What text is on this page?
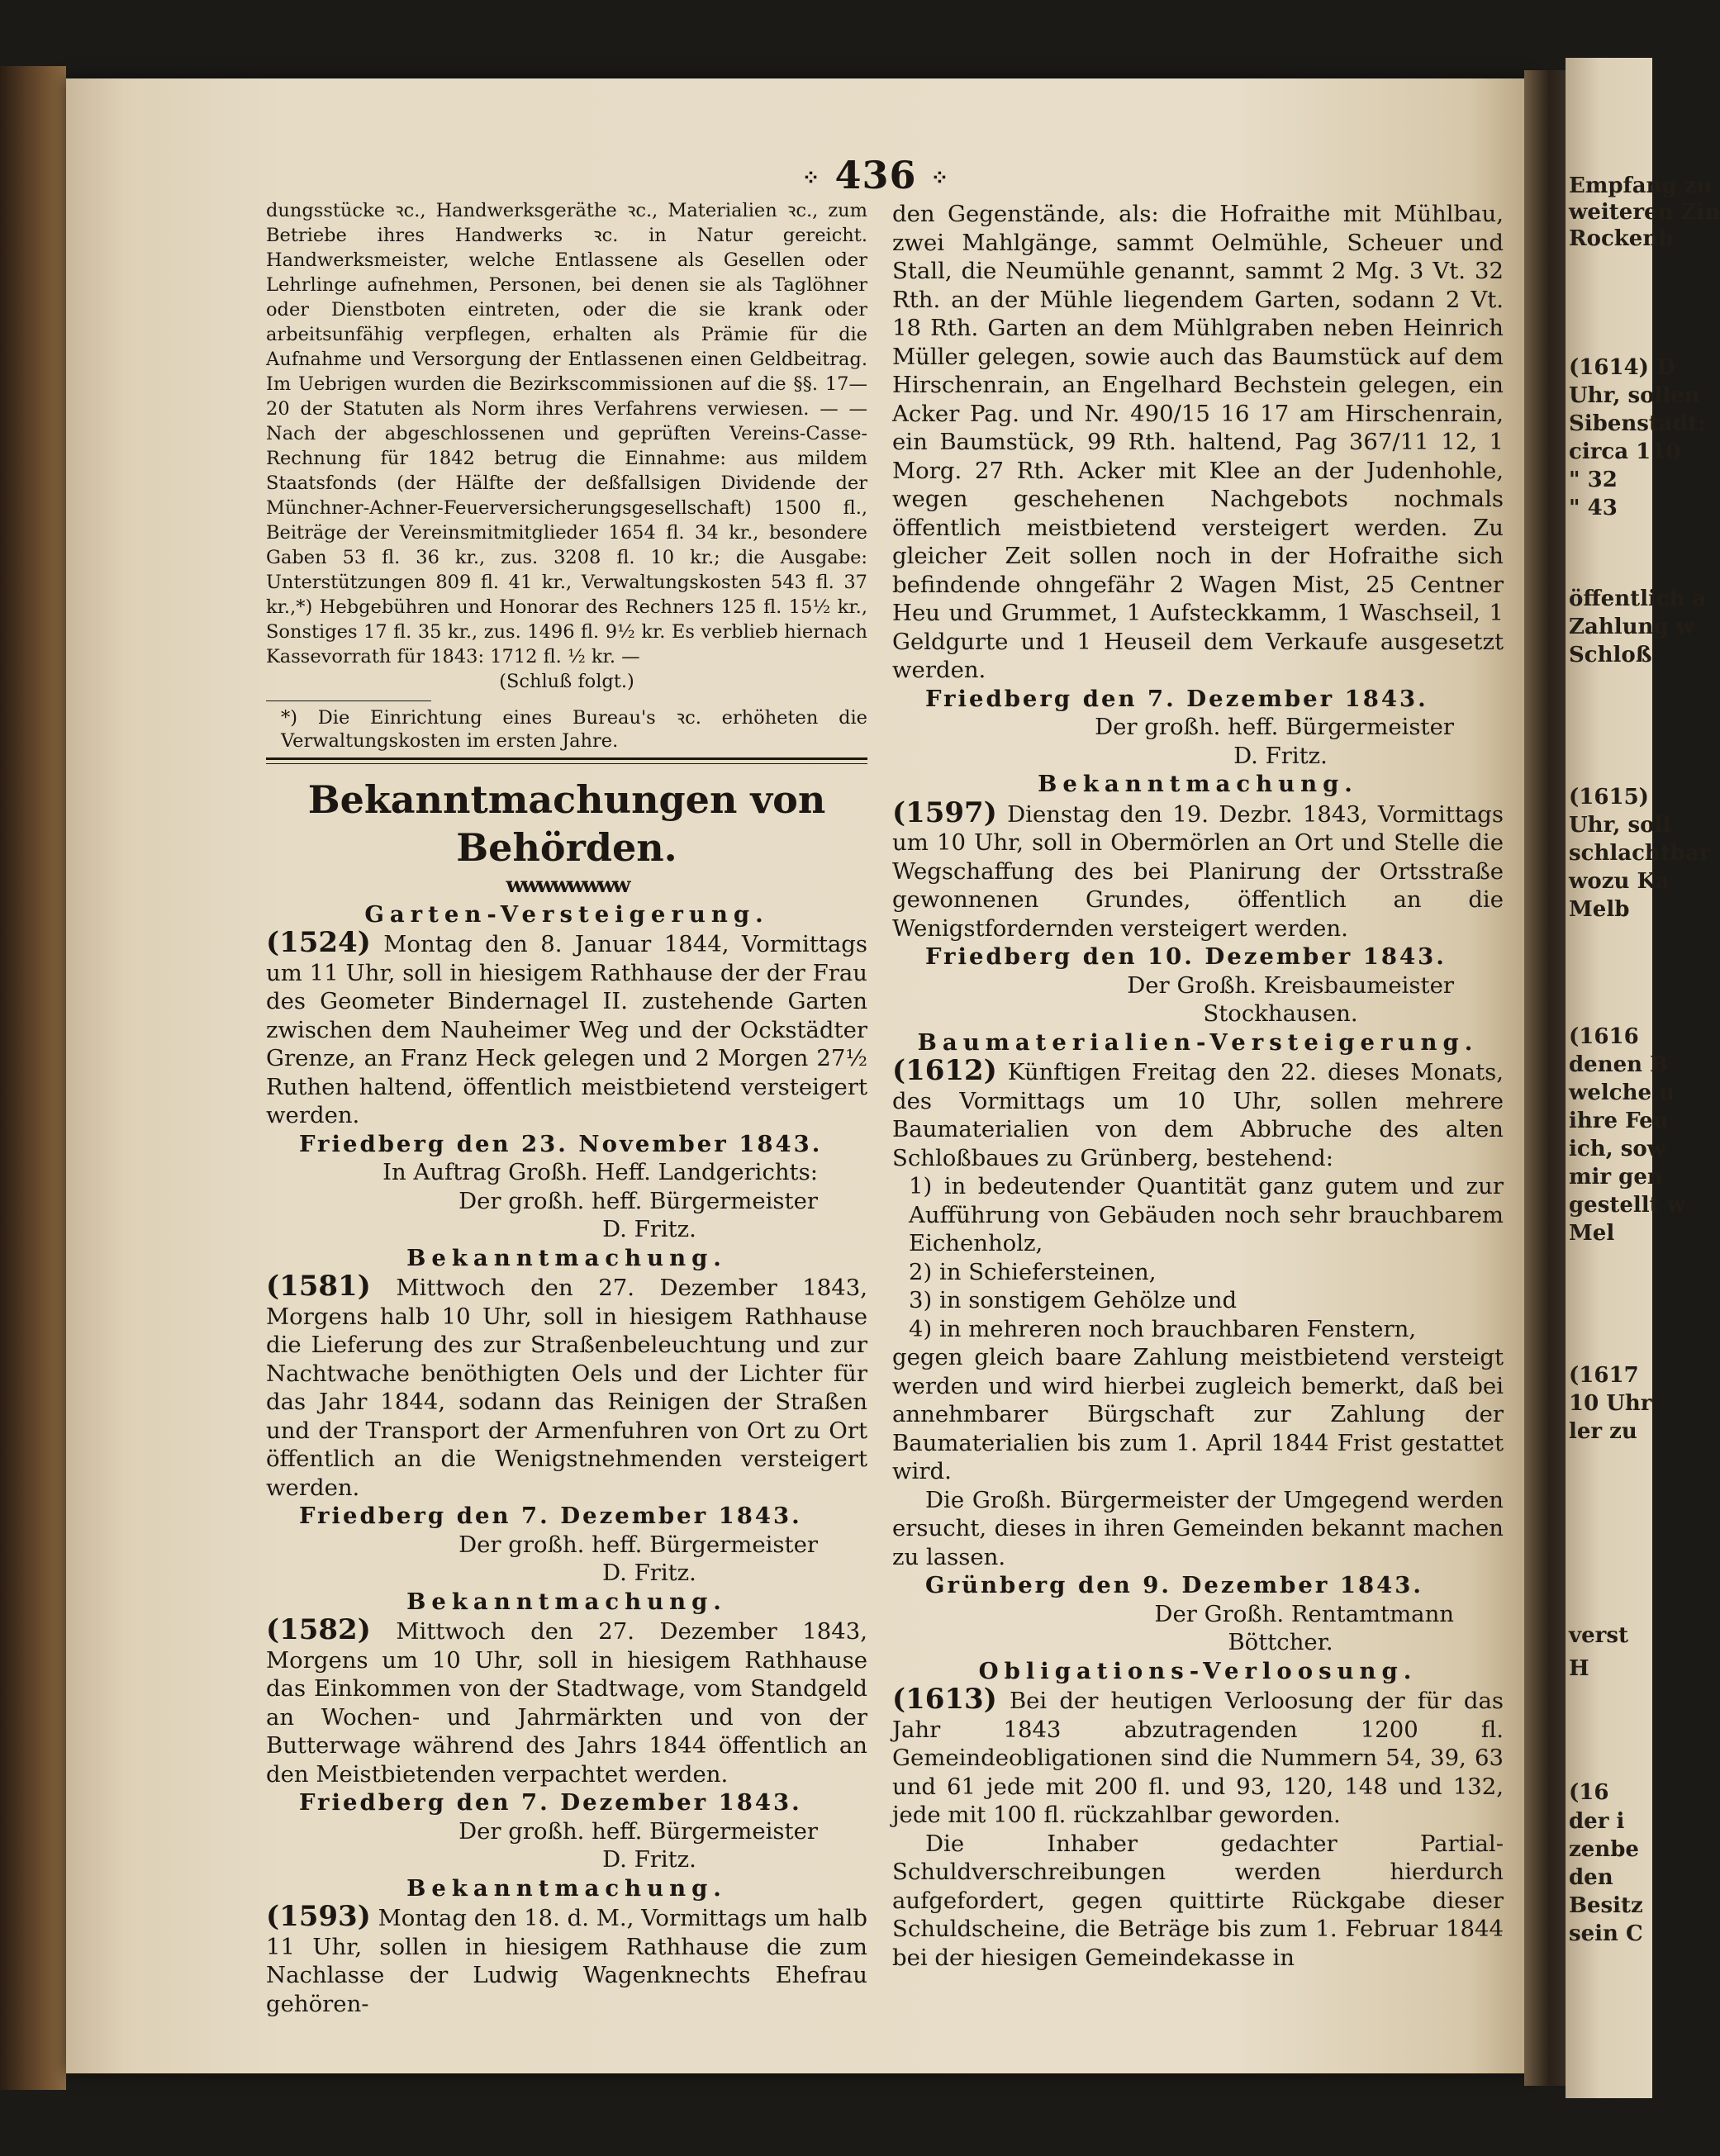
Empfang zu
weiteren Zin
Rockenb
(1614) D
Uhr, sollen
Sibenstadt:
circa 110
" 32
" 43
öffentlich a
Zahlung w
Schloß
(1615)
Uhr, soll
schlachtbar
wozu Ka
Melb
(1616
denen B
welche u
ihre Feu
ich, sow
mir gen
gestellt w
Mel
(1617
10 Uhr
ler zu
verst
H
(16
der i
zenbe
den
Besitz
sein C
⁘ 436 ⁘

dungsstücke ꝛc., Handwerksgeräthe ꝛc., Materialien ꝛc., zum Betriebe ihres Handwerks ꝛc. in Natur gereicht. Handwerksmeister, welche Entlassene als Gesellen oder Lehrlinge aufnehmen, Personen, bei denen sie als Taglöhner oder Dienstboten eintreten, oder die sie krank oder arbeitsunfähig verpflegen, erhalten als Prämie für die Aufnahme und Versorgung der Entlassenen einen Geldbeitrag. Im Uebrigen wurden die Bezirkscommissionen auf die §§. 17—20 der Statuten als Norm ihres Verfahrens verwiesen. — — Nach der abgeschlossenen und geprüften Vereins-Casse-Rechnung für 1842 betrug die Einnahme: aus mildem Staatsfonds (der Hälfte der deßfallsigen Dividende der Münchner-Achner-Feuerversicherungsgesellschaft) 1500 fl., Beiträge der Vereinsmitmitglieder 1654 fl. 34 kr., besondere Gaben 53 fl. 36 kr., zus. 3208 fl. 10 kr.; die Ausgabe: Unterstützungen 809 fl. 41 kr., Verwaltungskosten 543 fl. 37 kr.,*) Hebgebühren und Honorar des Rechners 125 fl. 15½ kr., Sonstiges 17 fl. 35 kr., zus. 1496 fl. 9½ kr. Es verblieb hiernach Kassevorrath für 1843: 1712 fl. ½ kr. —

(Schluß folgt.)

*) Die Einrichtung eines Bureau's ꝛc. erhöheten die Verwaltungskosten im ersten Jahre.

Bekanntmachungen von Behörden.

wwwwwwww

Garten-Versteigerung.

(1524) Montag den 8. Januar 1844, Vormittags um 11 Uhr, soll in hiesigem Rathhause der der Frau des Geometer Bindernagel II. zustehende Garten zwischen dem Nauheimer Weg und der Ockstädter Grenze, an Franz Heck gelegen und 2 Morgen 27½ Ruthen haltend, öffentlich meistbietend versteigert werden.

Friedberg den 23. November 1843.

In Auftrag Großh. Heff. Landgerichts:

Der großh. heff. Bürgermeister

D. Fritz.

Bekanntmachung.

(1581) Mittwoch den 27. Dezember 1843, Morgens halb 10 Uhr, soll in hiesigem Rathhause die Lieferung des zur Straßenbeleuchtung und zur Nachtwache benöthigten Oels und der Lichter für das Jahr 1844, sodann das Reinigen der Straßen und der Transport der Armenfuhren von Ort zu Ort öffentlich an die Wenigstnehmenden versteigert werden.

Friedberg den 7. Dezember 1843.

Der großh. heff. Bürgermeister

D. Fritz.

Bekanntmachung.

(1582) Mittwoch den 27. Dezember 1843, Morgens um 10 Uhr, soll in hiesigem Rathhause das Einkommen von der Stadtwage, vom Standgeld an Wochen- und Jahrmärkten und von der Butterwage während des Jahrs 1844 öffentlich an den Meistbietenden verpachtet werden.

Friedberg den 7. Dezember 1843.

Der großh. heff. Bürgermeister

D. Fritz.

Bekanntmachung.

(1593) Montag den 18. d. M., Vormittags um halb 11 Uhr, sollen in hiesigem Rathhause die zum Nachlasse der Ludwig Wagenknechts Ehefrau gehören-

den Gegenstände, als: die Hofraithe mit Mühlbau, zwei Mahlgänge, sammt Oelmühle, Scheuer und Stall, die Neumühle genannt, sammt 2 Mg. 3 Vt. 32 Rth. an der Mühle liegendem Garten, sodann 2 Vt. 18 Rth. Garten an dem Mühlgraben neben Heinrich Müller gelegen, sowie auch das Baumstück auf dem Hirschenrain, an Engelhard Bechstein gelegen, ein Acker Pag. und Nr. 490/15 16 17 am Hirschenrain, ein Baumstück, 99 Rth. haltend, Pag 367/11 12, 1 Morg. 27 Rth. Acker mit Klee an der Judenhohle, wegen geschehenen Nachgebots nochmals öffentlich meistbietend versteigert werden. Zu gleicher Zeit sollen noch in der Hofraithe sich befindende ohngefähr 2 Wagen Mist, 25 Centner Heu und Grummet, 1 Aufsteckkamm, 1 Waschseil, 1 Geldgurte und 1 Heuseil dem Verkaufe ausgesetzt werden.

Friedberg den 7. Dezember 1843.

Der großh. heff. Bürgermeister

D. Fritz.

Bekanntmachung.

(1597) Dienstag den 19. Dezbr. 1843, Vormittags um 10 Uhr, soll in Obermörlen an Ort und Stelle die Wegschaffung des bei Planirung der Ortsstraße gewonnenen Grundes, öffentlich an die Wenigstfordernden versteigert werden.

Friedberg den 10. Dezember 1843.

Der Großh. Kreisbaumeister

Stockhausen.

Baumaterialien-Versteigerung.

(1612) Künftigen Freitag den 22. dieses Monats, des Vormittags um 10 Uhr, sollen mehrere Baumaterialien von dem Abbruche des alten Schloßbaues zu Grünberg, bestehend:

1) in bedeutender Quantität ganz gutem und zur Aufführung von Gebäuden noch sehr brauchbarem Eichenholz,

2) in Schiefersteinen,

3) in sonstigem Gehölze und

4) in mehreren noch brauchbaren Fenstern,

gegen gleich baare Zahlung meistbietend versteigt werden und wird hierbei zugleich bemerkt, daß bei annehmbarer Bürgschaft zur Zahlung der Baumaterialien bis zum 1. April 1844 Frist gestattet wird.

Die Großh. Bürgermeister der Umgegend werden ersucht, dieses in ihren Gemeinden bekannt machen zu lassen.

Grünberg den 9. Dezember 1843.

Der Großh. Rentamtmann

Böttcher.

Obligations-Verloosung.

(1613) Bei der heutigen Verloosung der für das Jahr 1843 abzutragenden 1200 fl. Gemeindeobligationen sind die Nummern 54, 39, 63 und 61 jede mit 200 fl. und 93, 120, 148 und 132, jede mit 100 fl. rückzahlbar geworden.

Die Inhaber gedachter Partial-Schuldverschreibungen werden hierdurch aufgefordert, gegen quittirte Rückgabe dieser Schuldscheine, die Beträge bis zum 1. Februar 1844 bei der hiesigen Gemeindekasse in
